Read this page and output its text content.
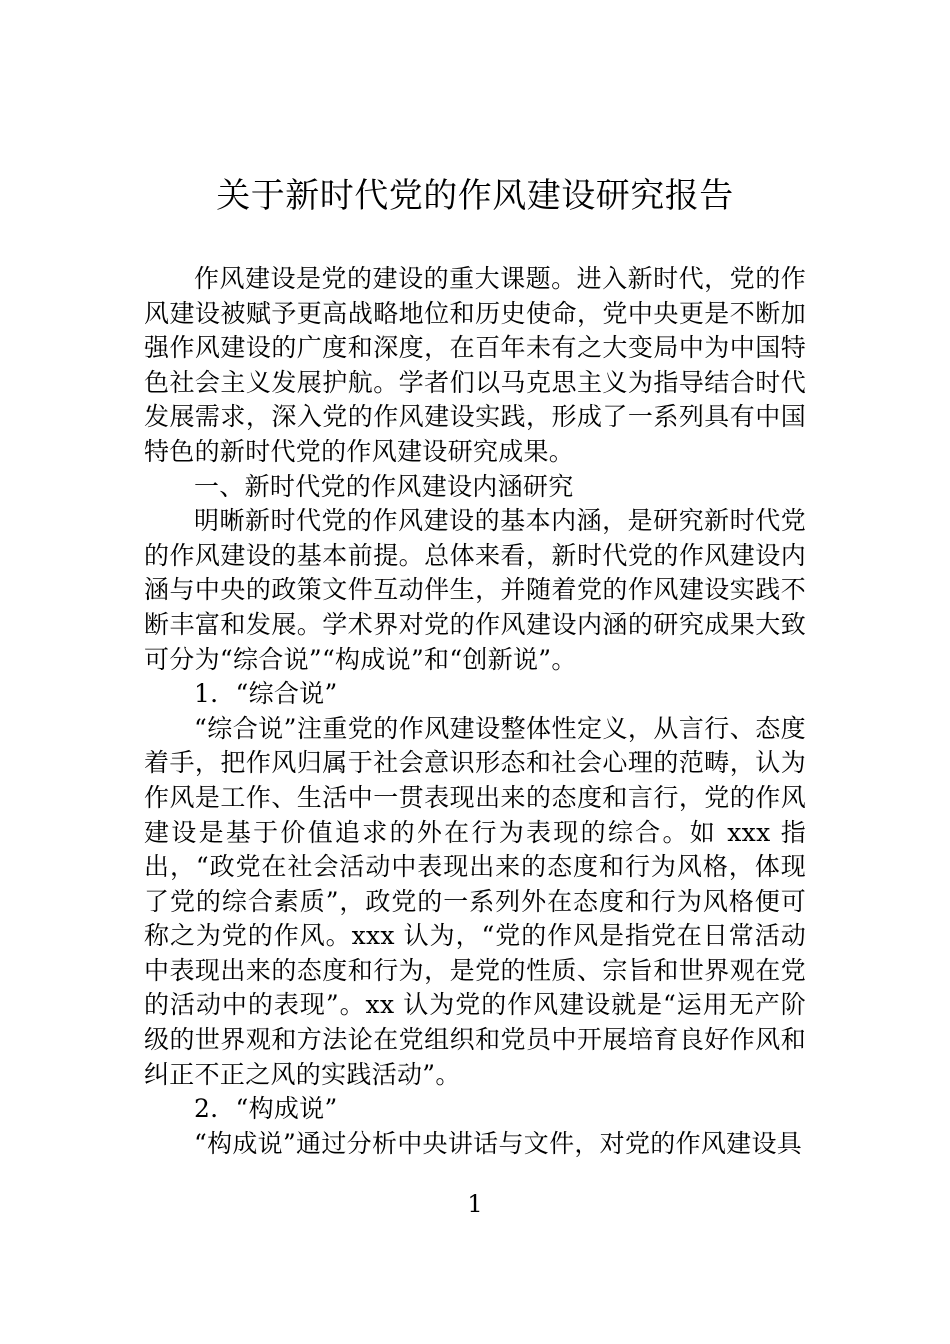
关于新时代党的作风建设研究报告

作风建设是党的建设的重大课题。进入新时代，党的作风建设被赋予更高战略地位和历史使命，党中央更是不断加强作风建设的广度和深度，在百年未有之大变局中为中国特色社会主义发展护航。学者们以马克思主义为指导结合时代发展需求，深入党的作风建设实践，形成了一系列具有中国特色的新时代党的作风建设研究成果。

一、新时代党的作风建设内涵研究

明晰新时代党的作风建设的基本内涵，是研究新时代党的作风建设的基本前提。总体来看，新时代党的作风建设内涵与中央的政策文件互动伴生，并随着党的作风建设实践不断丰富和发展。学术界对党的作风建设内涵的研究成果大致可分为“综合说”“构成说”和“创新说”。

1．“综合说”

“综合说”注重党的作风建设整体性定义，从言行、态度着手，把作风归属于社会意识形态和社会心理的范畴，认为作风是工作、生活中一贯表现出来的态度和言行，党的作风建设是基于价值追求的外在行为表现的综合。如 xxx 指出，“政党在社会活动中表现出来的态度和行为风格，体现了党的综合素质”，政党的一系列外在态度和行为风格便可称之为党的作风。xxx 认为，“党的作风是指党在日常活动中表现出来的态度和行为，是党的性质、宗旨和世界观在党的活动中的表现”。xx 认为党的作风建设就是“运用无产阶级的世界观和方法论在党组织和党员中开展培育良好作风和纠正不正之风的实践活动”。

2．“构成说”

“构成说”通过分析中央讲话与文件，对党的作风建设具

1
